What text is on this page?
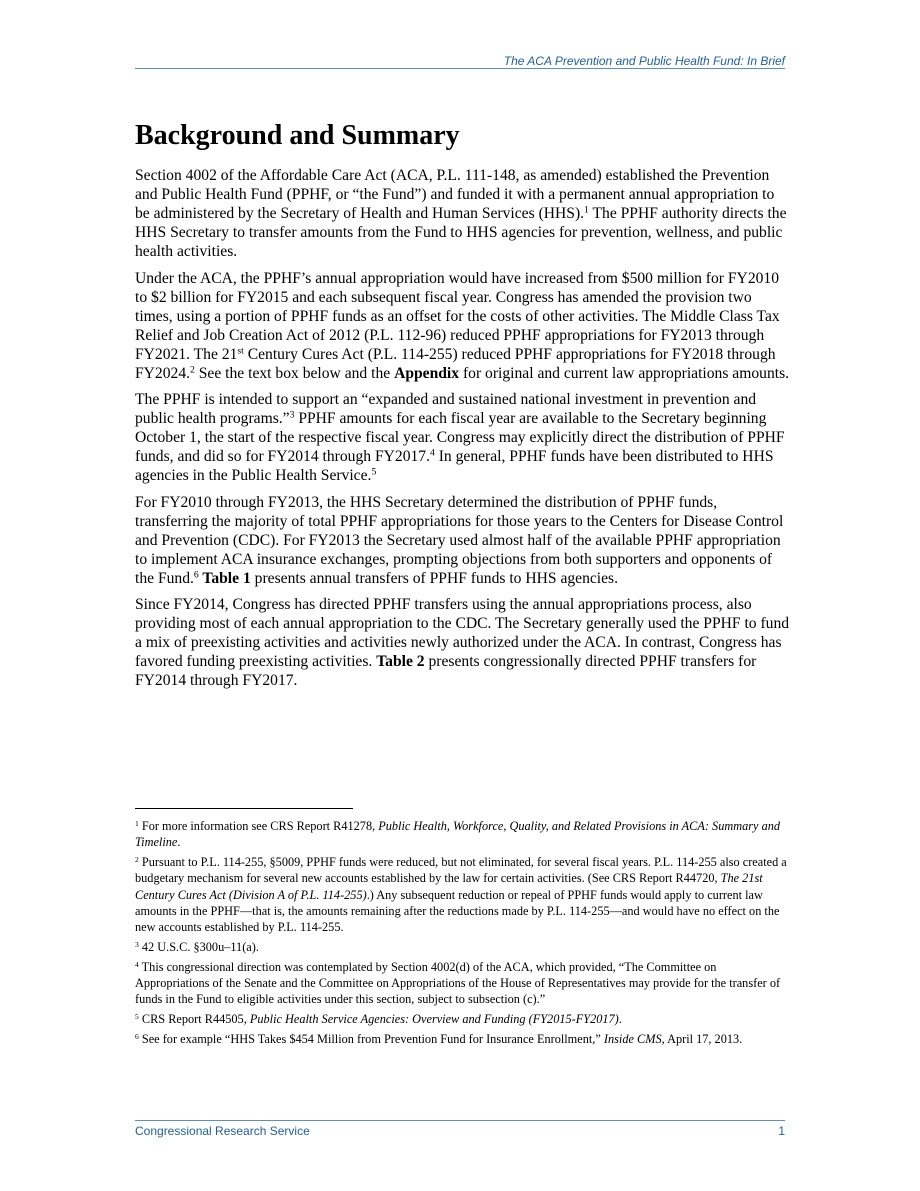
The ACA Prevention and Public Health Fund: In Brief
Background and Summary

Section 4002 of the Affordable Care Act (ACA, P.L. 111-148, as amended) established the Prevention and Public Health Fund (PPHF, or “the Fund”) and funded it with a permanent annual appropriation to be administered by the Secretary of Health and Human Services (HHS).$^1$ The PPHF authority directs the HHS Secretary to transfer amounts from the Fund to HHS agencies for prevention, wellness, and public health activities.

Under the ACA, the PPHF’s annual appropriation would have increased from $500 million for FY2010 to $2 billion for FY2015 and each subsequent fiscal year. Congress has amended the provision two times, using a portion of PPHF funds as an offset for the costs of other activities. The Middle Class Tax Relief and Job Creation Act of 2012 (P.L. 112-96) reduced PPHF appropriations for FY2013 through FY2021. The 21st Century Cures Act (P.L. 114-255) reduced PPHF appropriations for FY2018 through FY2024.$^2$ See the text box below and the Appendix for original and current law appropriations amounts.

The PPHF is intended to support an “expanded and sustained national investment in prevention and public health programs.”$^3$ PPHF amounts for each fiscal year are available to the Secretary beginning October 1, the start of the respective fiscal year. Congress may explicitly direct the distribution of PPHF funds, and did so for FY2014 through FY2017.$^4$ In general, PPHF funds have been distributed to HHS agencies in the Public Health Service.$^5$

For FY2010 through FY2013, the HHS Secretary determined the distribution of PPHF funds, transferring the majority of total PPHF appropriations for those years to the Centers for Disease Control and Prevention (CDC). For FY2013 the Secretary used almost half of the available PPHF appropriation to implement ACA insurance exchanges, prompting objections from both supporters and opponents of the Fund.$^6$ Table 1 presents annual transfers of PPHF funds to HHS agencies.

Since FY2014, Congress has directed PPHF transfers using the annual appropriations process, also providing most of each annual appropriation to the CDC. The Secretary generally used the PPHF to fund a mix of preexisting activities and activities newly authorized under the ACA. In contrast, Congress has favored funding preexisting activities. Table 2 presents congressionally directed PPHF transfers for FY2014 through FY2017.

$^1$ For more information see CRS Report R41278, Public Health, Workforce, Quality, and Related Provisions in ACA: Summary and Timeline.
$^2$ Pursuant to P.L. 114-255, §5009, PPHF funds were reduced, but not eliminated, for several fiscal years. P.L. 114-255 also created a budgetary mechanism for several new accounts established by the law for certain activities. (See CRS Report R44720, The 21st Century Cures Act (Division A of P.L. 114-255).) Any subsequent reduction or repeal of PPHF funds would apply to current law amounts in the PPHF—that is, the amounts remaining after the reductions made by P.L. 114-255—and would have no effect on the new accounts established by P.L. 114-255.
$^3$ 42 U.S.C. §300u–11(a).
$^4$ This congressional direction was contemplated by Section 4002(d) of the ACA, which provided, “The Committee on Appropriations of the Senate and the Committee on Appropriations of the House of Representatives may provide for the transfer of funds in the Fund to eligible activities under this section, subject to subsection (c).”
$^5$ CRS Report R44505, Public Health Service Agencies: Overview and Funding (FY2015-FY2017).
$^6$ See for example “HHS Takes $454 Million from Prevention Fund for Insurance Enrollment,” Inside CMS, April 17, 2013.
Congressional Research Service	1
